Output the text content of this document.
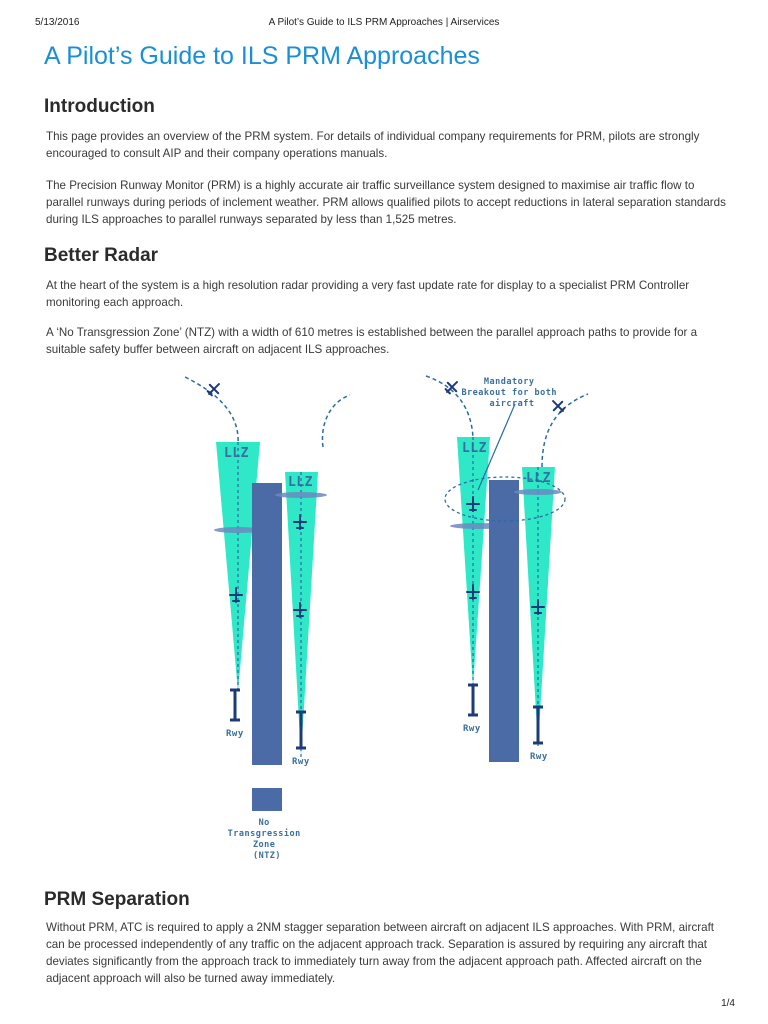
5/13/2016	A Pilot’s Guide to ILS PRM Approaches | Airservices
A Pilot’s Guide to ILS PRM Approaches
Introduction

This page provides an overview of the PRM system. For details of individual company requirements for PRM, pilots are strongly encouraged to consult AIP and their company operations manuals.

The Precision Runway Monitor (PRM) is a highly accurate air traffic surveillance system designed to maximise air traffic flow to parallel runways during periods of inclement weather. PRM allows qualified pilots to accept reductions in lateral separation standards during ILS approaches to parallel runways separated by less than 1,525 metres.

Better Radar

At the heart of the system is a high resolution radar providing a very fast update rate for display to a specialist PRM Controller monitoring each approach.

A ‘No Transgression Zone’ (NTZ) with a width of 610 metres is established between the parallel approach paths to provide for a suitable safety buffer between aircraft on adjacent ILS approaches.

LLZ
Rwy
LLZ
Rwy
No Transgression Zone (NTZ)
LLZ
Rwy
LLZ
Rwy
Mandatory Breakout for both aircraft
PRM Separation

Without PRM, ATC is required to apply a 2NM stagger separation between aircraft on adjacent ILS approaches. With PRM, aircraft can be processed independently of any traffic on the adjacent approach track. Separation is assured by requiring any aircraft that deviates significantly from the approach track to immediately turn away from the adjacent approach path. Affected aircraft on the adjacent approach will also be turned away immediately.

1/4
